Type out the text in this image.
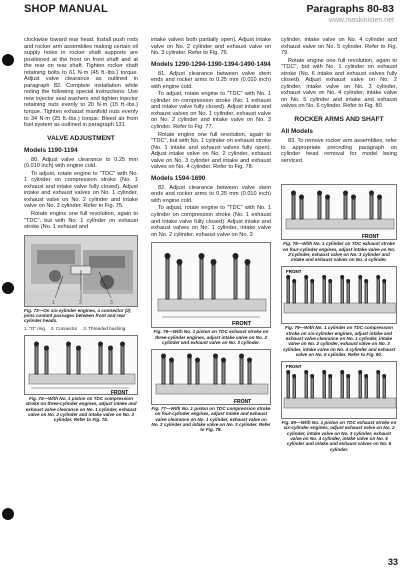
SHOP MANUAL	Paragraphs 80-83
www.maskinisten.net

clockwise toward rear head. Install push rods and rocker arm assemblies making certain oil supply holes in rocker shaft supports are positioned at the front on front shaft and at the rear on rear shaft. Tighten rocker shaft retaining bolts to 61 N·m (45 ft.-lbs.) torque. Adjust valve clearance as outlined in paragraph 82. Complete installation while noting the following special instructions: Use new injector seal washers and tighten injector retaining nuts evenly to 20 N·m (15 ft.-lbs.) torque. Tighten exhaust manifold nuts evenly to 34 N·m (25 ft.-lbs.) torque. Bleed air from fuel system as outlined in paragraph 131.

VALVE ADJUSTMENT
Models 1190-1194

80. Adjust valve clearance to 0.25 mm (0.010 inch) with engine cold.

To adjust, rotate engine to "TDC" with No. 1 cylinder on compression stroke (No. 1 exhaust and intake valve fully closed). Adjust intake and exhaust valves on No. 1 cylinder, exhaust valve on No. 2 cylinder and intake valve on No. 3 cylinder. Refer to Fig. 75.

Rotate engine one full revolution, again to "TDC", but with No. 1 cylinder on exhaust stroke (No. 1 exhaust and

1	2	3
Fig. 73—On six-cylinder engines, a connector (2) joins coolant passages between front and rear cylinder heads.
1. "O" ring 2. Connector 3. Threaded bushing
FRONT
Fig. 74—With No. 1 piston on TDC compression stroke on three-cylinder engines, adjust intake and exhaust valve clearance on No. 1 cylinder, exhaust valve on No. 2 cylinder and intake valve on No. 3 cylinder. Refer to Fig. 76.

intake valves both partially open). Adjust intake valve on No. 2 cylinder and exhaust valve on No. 3 cylinder. Refer to Fig. 76.

Models 1290-1294-1390-1394-1490-1494

81. Adjust clearance between valve stem ends and rocker arms to 0.25 mm (0.010 inch) with engine cold.

To adjust, rotate engine to "TDC" with No. 1 cylinder on compression stroke (No. 1 exhaust and intake valve fully closed). Adjust intake and exhaust valves on No. 1 cylinder, exhaust valve on No. 2 cylinder and intake valve on No. 3 cylinder. Refer to Fig. 77.

Rotate engine one full revolution, again to "TDC", but with No. 1 cylinder on exhaust stroke (No. 1 intake and exhaust valves fully open). Adjust intake valve on No. 2 cylinder, exhaust valve on No. 3 cylinder and intake and exhaust valves on No. 4 cylinder. Refer to Fig. 78.

Models 1594-1690

82. Adjust clearance between valve stem ends and rocker arms to 0.25 mm (0.010 inch) with engine cold.

To adjust, rotate engine to "TDC" with No. 1 cylinder on compression stroke (No. 1 exhaust and intake valve fully closed). Adjust intake and exhaust valves on No. 1 cylinder, intake valve on No. 2 cylinder, exhaust valve on No. 3

FRONT
Fig. 76—With No. 1 piston on TDC exhaust stroke on three-cylinder engines, adjust intake valve on No. 2 cylinder and exhaust valve on No. 3 cylinder.
FRONT
Fig. 77—With No. 1 piston on TDC compression stroke on four-cylinder engines, adjust intake and exhaust valve clearance on No. 1 cylinder, exhaust valve on No. 2 cylinder and intake valve on No. 3 cylinder. Refer to Fig. 78.

cylinder, intake valve on No. 4 cylinder and exhaust valve on No. 5 cylinder. Refer to Fig. 79.

Rotate engine one full revolution, again to "TDC", but with No. 1 cylinder on exhaust stroke (No. 6 intake and exhaust valves fully closed). Adjust exhaust valve on No. 2 cylinder, intake valve on No. 3 cylinder, exhaust valve on No. 4 cylinder, intake valve on No. 5 cylinder and intake and exhaust valves on No. 6 cylinder. Refer to Fig. 80.

ROCKER ARMS AND SHAFT
All Models

83. To remove rocker arm assemblies, refer to appropriate preceding paragraph on cylinder head removal for model being serviced.

FRONT
Fig. 78—With No. 1 cylinder on TDC exhaust stroke on four-cylinder engines, adjust intake valve on No. 2 cylinder, exhaust valve on No. 3 cylinder and intake and exhaust valves on No. 4 cylinder.
FRONT
Fig. 79—With No. 1 cylinder on TDC compression stroke on six-cylinder engines, adjust intake and exhaust valve clearance on No. 1 cylinder, intake valve on No. 2 cylinder, exhaust valve on No. 3 cylinder, intake valve on No. 4 cylinder and exhaust valve on No. 5 cylinder. Refer to Fig. 80.
FRONT
Fig. 80—With No. 1 piston on TDC exhaust stroke on six-cylinder engines, adjust exhaust valve on No. 2 cylinder, intake valve on No. 3 cylinder, exhaust valve on No. 4 cylinder, intake valve on No. 5 cylinder and intake and exhaust valves on No. 6 cylinder.
33
